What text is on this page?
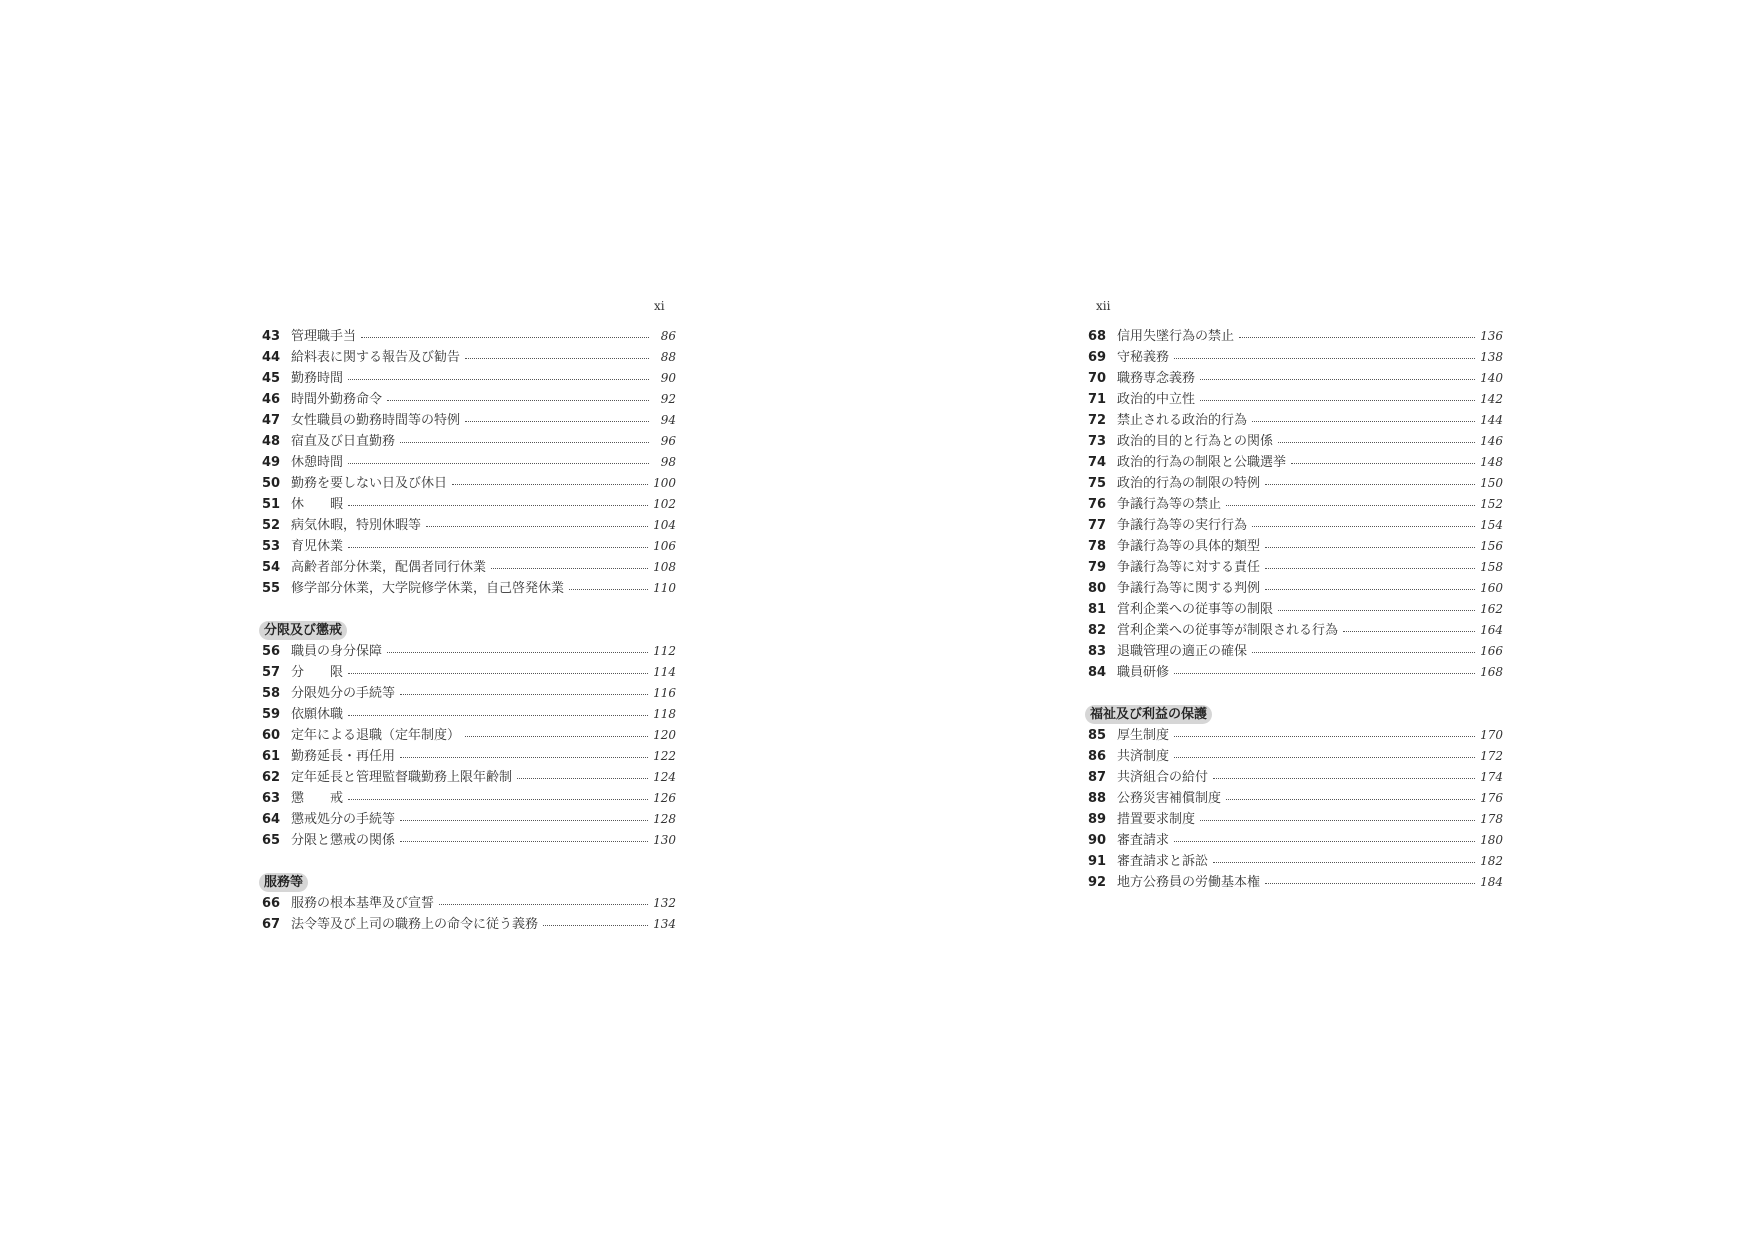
xi	xii
43 管理職手当	86
44 給料表に関する報告及び勧告	88
45 勤務時間	90
46 時間外勤務命令	92
47 女性職員の勤務時間等の特例	94
48 宿直及び日直勤務	96
49 休憩時間	98
50 勤務を要しない日及び休日	100
51 休　　暇	102
52 病気休暇，特別休暇等	104
53 育児休業	106
54 高齢者部分休業，配偶者同行休業	108
55 修学部分休業，大学院修学休業，自己啓発休業	110
分限及び懲戒
56 職員の身分保障	112
57 分　　限	114
58 分限処分の手続等	116
59 依願休職	118
60 定年による退職（定年制度）	120
61 勤務延長・再任用	122
62 定年延長と管理監督職勤務上限年齢制	124
63 懲　　戒	126
64 懲戒処分の手続等	128
65 分限と懲戒の関係	130
服務等
66 服務の根本基準及び宣誓	132
67 法令等及び上司の職務上の命令に従う義務	134
68 信用失墜行為の禁止	136
69 守秘義務	138
70 職務専念義務	140
71 政治的中立性	142
72 禁止される政治的行為	144
73 政治的目的と行為との関係	146
74 政治的行為の制限と公職選挙	148
75 政治的行為の制限の特例	150
76 争議行為等の禁止	152
77 争議行為等の実行行為	154
78 争議行為等の具体的類型	156
79 争議行為等に対する責任	158
80 争議行為等に関する判例	160
81 営利企業への従事等の制限	162
82 営利企業への従事等が制限される行為	164
83 退職管理の適正の確保	166
84 職員研修	168
福祉及び利益の保護
85 厚生制度	170
86 共済制度	172
87 共済組合の給付	174
88 公務災害補償制度	176
89 措置要求制度	178
90 審査請求	180
91 審査請求と訴訟	182
92 地方公務員の労働基本権	184
